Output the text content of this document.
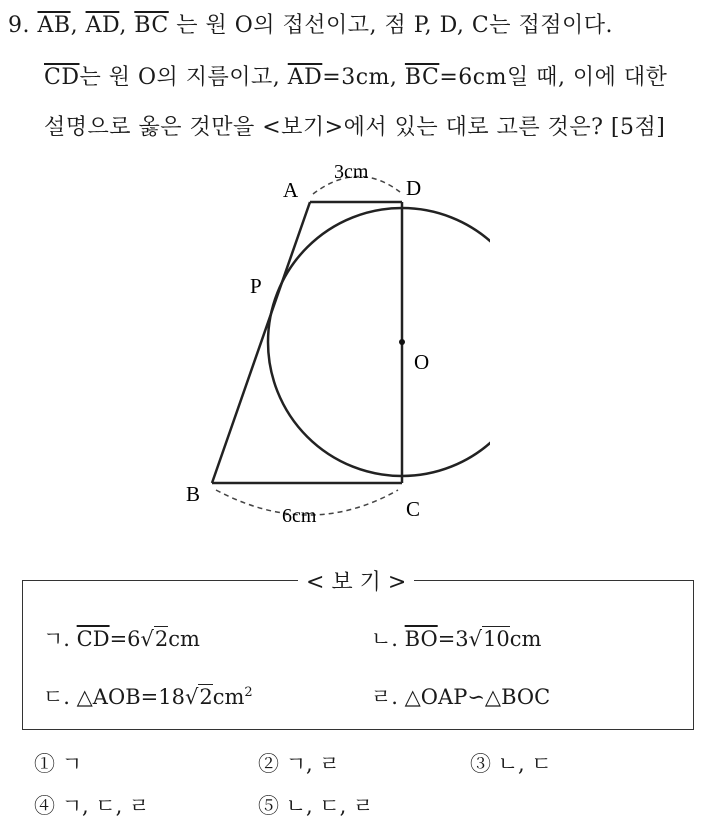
9. $\overline{AB}$, $\overline{AD}$, $\overline{BC}$ 는 원 O의 접선이고, 점 P, D, C는 접점이다.
$\overline{CD}$는 원 O의 지름이고, $\overline{AD}=3cm$, $\overline{BC}=6cm$일 때, 이에 대한
설명으로 옳은 것만을 <보기>에서 있는 대로 고른 것은? [5점]
A	D
P
O
B
C
3cm
6cm
< 보 기 >
ㄱ. $\overline{CD}=6√2cm$	ㄴ. $\overline{BO}=3√10cm$
ㄷ. $\triangle AOB=18√2cm^2$	ㄹ. △OAP∽△BOC
① ㄱ	② ㄱ, ㄹ	③ ㄴ, ㄷ
④ ㄱ, ㄷ, ㄹ	⑤ ㄴ, ㄷ, ㄹ
